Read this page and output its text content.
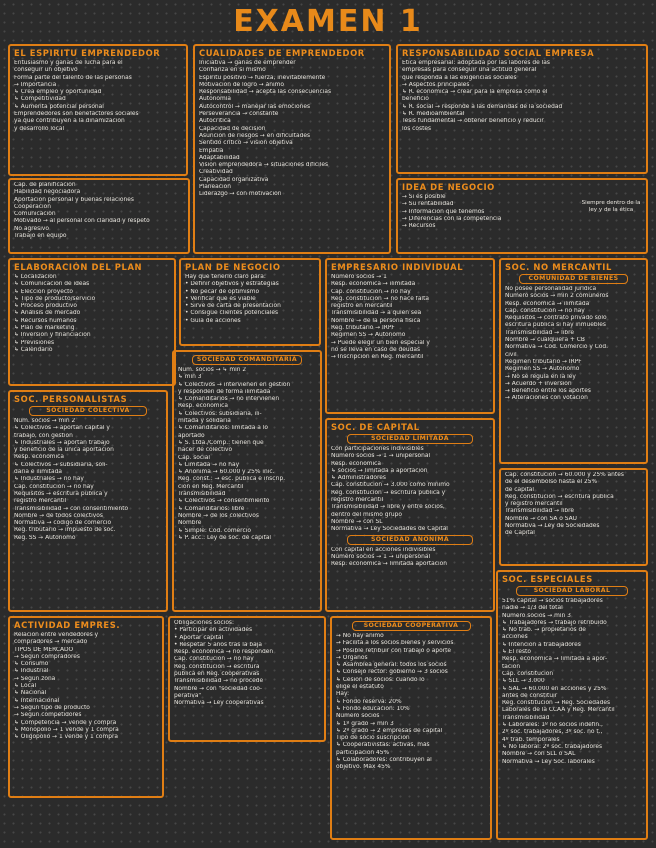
EXAMEN 1
EL ESPIRITU EMPRENDEDOR
Entusiasmo y ganas de lucha para el
conseguir un objetivo
Forma parte del talento de las personas
→ Importancia
↳ Crea empleo y oportunidad
↳ Competitividad
↳ Aumenta potencial personal
Emprendedores son benefactores sociales
ya que contribuyen a la dinamización
y desarrollo local
CUALIDADES DE EMPRENDEDOR
Iniciativa → ganas de emprender
Confianza en sí mismo
Espíritu positivo → fuerza, inevitablemente
Motivación de logro → ánimo
Responsabilidad → acepta las consecuencias
Autonomía
Autocontrol → manejar las emociones
Perseverancia → constante
Autocrítica
Capacidad de decisión
Asunción de riesgos → en dificultades
Sentido crítico → visión objetiva
Empatía
Adaptabilidad
Visión emprendedora → situaciones difíciles
Creatividad
Capacidad organizativa
Planeación
Liderazgo → con motivación
RESPONSABILIDAD SOCIAL EMPRESA
Ética empresarial: adoptada por las labores de las
empresas para conseguir una actitud general
que responda a las exigencias sociales
→ Aspectos principales
↳ R. económica → crear para la empresa como el
beneficio
↳ R. social → responde a las demandas de la sociedad
↳ R. medioambiental
Tesis fundamental → obtener beneficio y reducir
los costes
Cap. de planificación
Habilidad negociadora
Aportación personal y buenas relaciones
Cooperación
Comunicación
Motivado → al personal con claridad y respeto
No agresivo
Trabajo en equipo
IDEA DE NEGOCIO
→ Si es posible
→ Su rentabilidad
→ Información que tenemos
→ Diferencias con la competencia
→ Recursos
Siempre dentro de la ley y de la ética
ELABORACIÓN DEL PLAN
↳ Localización
↳ Comunicación de ideas
↳ Elección proyecto
↳ Tipo de producto/servicio
↳ Proceso productivo
↳ Análisis de mercado
↳ Recursos humanos
↳ Plan de marketing
↳ Inversión y financiación
↳ Previsiones
↳ Calendario
PLAN DE NEGOCIO
Hay que tenerlo claro para:
• Definir objetivos y estrategias
• No pecar de optimismo
• Verificar que es viable
• Sirve de carta de presentación
• Consigue clientes potenciales
• Guía de acciones
EMPRESARIO INDIVIDUAL
Número socios → 1
Resp. económica → ilimitada
Cap. constitución → no hay
Reg. constitución → no hace falta
registro en mercantil
Transmisibilidad → a quien sea
Nombre → de la persona física
Reg. tributario → IRPF
Régimen SS → Autónomo
→ Puede elegir un bien especial y
no se lleva en caso de deudas
→ Inscripción en Reg. mercantil
SOC. NO MERCANTIL
COMUNIDAD DE BIENES
No posee personalidad jurídica
Número socios → mín 2 comuneros
Resp. económica → ilimitada
Cap. constitución → no hay
Requisitos → contrato privado sólo
escritura pública si hay inmuebles
Transmisibilidad → libre
Nombre → cualquiera + CB
Normativa → Cod. Comercio y Cod.
civil
Régimen tributario → IRPF
Régimen SS → Autónomo
→ No se regula en la ley
→ Acuerdo + inversión
→ Beneficio entre los aportes
→ Alteraciones con votación
SOC. PERSONALISTAS
SOCIEDAD COLECTIVA
Núm. socios → mín 2
↳ Colectivos → aportan capital y
trabajo, con gestión
↳ Industriales → aportan trabajo
y beneficio de la única aportación
Resp. económica
↳ Colectivos → subsidiaria, soli-
daria e ilimitada
↳ Industriales → no hay
Cap. constitución → no hay
Requisitos → escritura pública y
registro mercantil
Transmisibilidad → con consentimiento
Nombre → de todos colectivos
Normativa → código de comercio
Reg. tributario → impuesto de soc.
Reg. SS → Autónomo
SOCIEDAD COMANDITARIA
Num. socios → ↳ mín 2
↳ mín 3
↳ Colectivos → intervienen en gestión
y responden de forma ilimitada
↳ Comanditarios → no intervienen
Resp. económica
↳ Colectivos: subsidiaria, ili-
mitada y solidaria
↳ Comanditarios: limitada a lo
aportado
↳ S. Ltda./Comp.: tienen que
hacer de colectivo
Cap. social
↳ Limitada → no hay
↳ Anónima → 60.000 y 25% inic.
Reg. const.: → esc. pública e inscrip.
ción en Reg. Mercantil
Transmisibilidad
↳ Colectivos → consentimiento
↳ Comanditarios: libre
Nombre → de los colectivos
Nombre
↳ Simple: Cod. comercio
↳ P. acc.: Ley de soc. de capital
SOC. DE CAPITAL
SOCIEDAD LIMITADA
Con participaciones indivisibles
Número socios → 1 → unipersonal
Resp. económica
↳ socios → limitada a aportación
↳ Administradores
Cap. constitución → 3.000 como mínimo
Reg. constitución → escritura pública y
registro mercantil
Transmisibilidad → libre y entre socios,
dentro del mismo grupo
Nombre → con SL
Normativa → Ley Sociedades de Capital
SOCIEDAD ANÓNIMA
Con capital en acciones indivisibles
Número socios → 1 → unipersonal
Resp. económica → limitada aportación
Cap. constitución → 60.000 y 25% antes
de el desembolso hasta el 25%
de capital
Reg. constitución → escritura pública
y registro mercantil
Transmisibilidad → libre
Nombre → con SA o SAU
Normativa → Ley de Sociedades
de Capital
ACTIVIDAD EMPRES.
Relación entre vendedores y
compradores → mercado
TIPOS DE MERCADO
→ Según compradores
↳ Consumo
↳ Industrial
→ Según zona
↳ Local
↳ Nacional
↳ Internacional
→ Según tipo de producto
→ Según competidores
↳ Competencia → vende y compra
↳ Monopolio → 1 vende y 1 compra
↳ Oligopolio → 1 vende y 1 compra
Obligaciones socios:
• Participar en actividades
• Aportar capital
• Respetar 5 años tras la baja
Resp. económica → no responden
Cap. constitución → no hay
Reg. constitución → escritura
pública en Reg. cooperativas
Transmisibilidad → no procede
Nombre → con "sociedad coo-
perativa"
Normativa → Ley cooperativas
SOCIEDAD COOPERATIVA
→ No hay ánimo
→ Facilita a los socios bienes y servicios
→ Posible retribuir con trabajo o aporte
→ Órganos
↳ Asamblea general: todos los socios
↳ Consejo rector: gobierno → 3 socios
↳ Cesión de socios: cuando lo
elige el estatuto
Hay:
↳ Fondo reserva: 20%
↳ Fondo educación: 10%
Número socios
↳ 1º grado → mín 3
↳ 2º grado → 2 empresas de capital
Tipo de socio suscripción
↳ Cooperativistas: activas, más
participación 45%
↳ Colaboradores: contribuyen al
objetivo. Máx 45%
SOC. ESPECIALES
SOCIEDAD LABORAL
51% capital → socios trabajadores
nadie → 1/3 del total
Número socios → mín 3
↳ Trabajadores → trabajo retribuido
↳ No trab. → propietarios de
acciones
↳ Intención a trabajadores
↳ El resto
Resp. económica → limitada a apor-
tación
Cap. constitución
↳ SLL → 3.000
↳ SAL → 60.000 en acciones y 25%
antes de constituir
Reg. constitución → Reg. Sociedades
Laborales de la CCAA y Reg. Mercantil
Transmisibilidad
↳ Laborales: 1º no socios indefin.,
2º soc. trabajadores, 3º soc. no t.,
4º trab. temporales
↳ No laboral: 2º soc. trabajadores
Nombre → con SLL o SAL
Normativa → Ley Soc. laborales
